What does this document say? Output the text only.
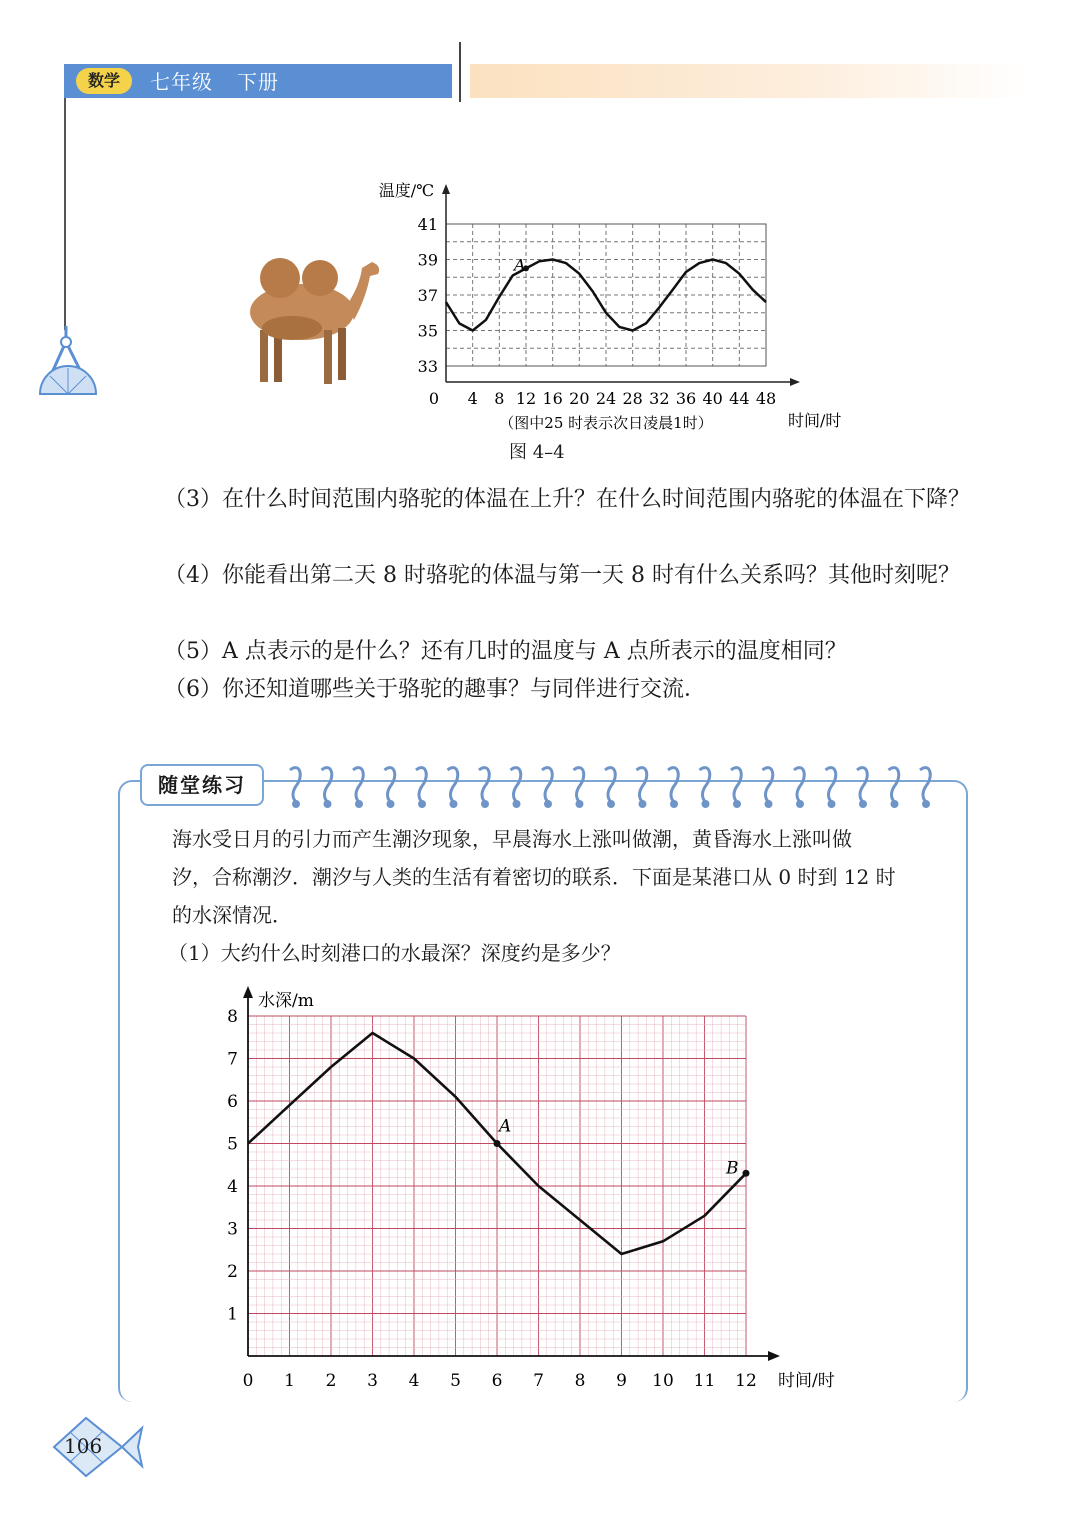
数学	七年级 下册
0 4 8 12 16 20 24 28 32 36 40 44 48
33
35
37
39
41
温度/℃
时间/时
（图中25 时表示次日凌晨1时）
A
图 4–4
（3）在什么时间范围内骆驼的体温在上升？在什么时间范围内骆驼的体温在下降？
（4）你能看出第二天 8 时骆驼的体温与第一天 8 时有什么关系吗？其他时刻呢？
（5）A 点表示的是什么？还有几时的温度与 A 点所表示的温度相同？
（6）你还知道哪些关于骆驼的趣事？与同伴进行交流．
随堂练习
海水受日月的引力而产生潮汐现象，早晨海水上涨叫做潮，黄昏海水上涨叫做
汐，合称潮汐．潮汐与人类的生活有着密切的联系．下面是某港口从 0 时到 12 时
的水深情况．
（1）大约什么时刻港口的水最深？深度约是多少？
水深/m
时间/时
0 1 2 3 4 5 6 7 8 9 10 11 12
1
2
3
4
5
6
7
8
A
B
106
